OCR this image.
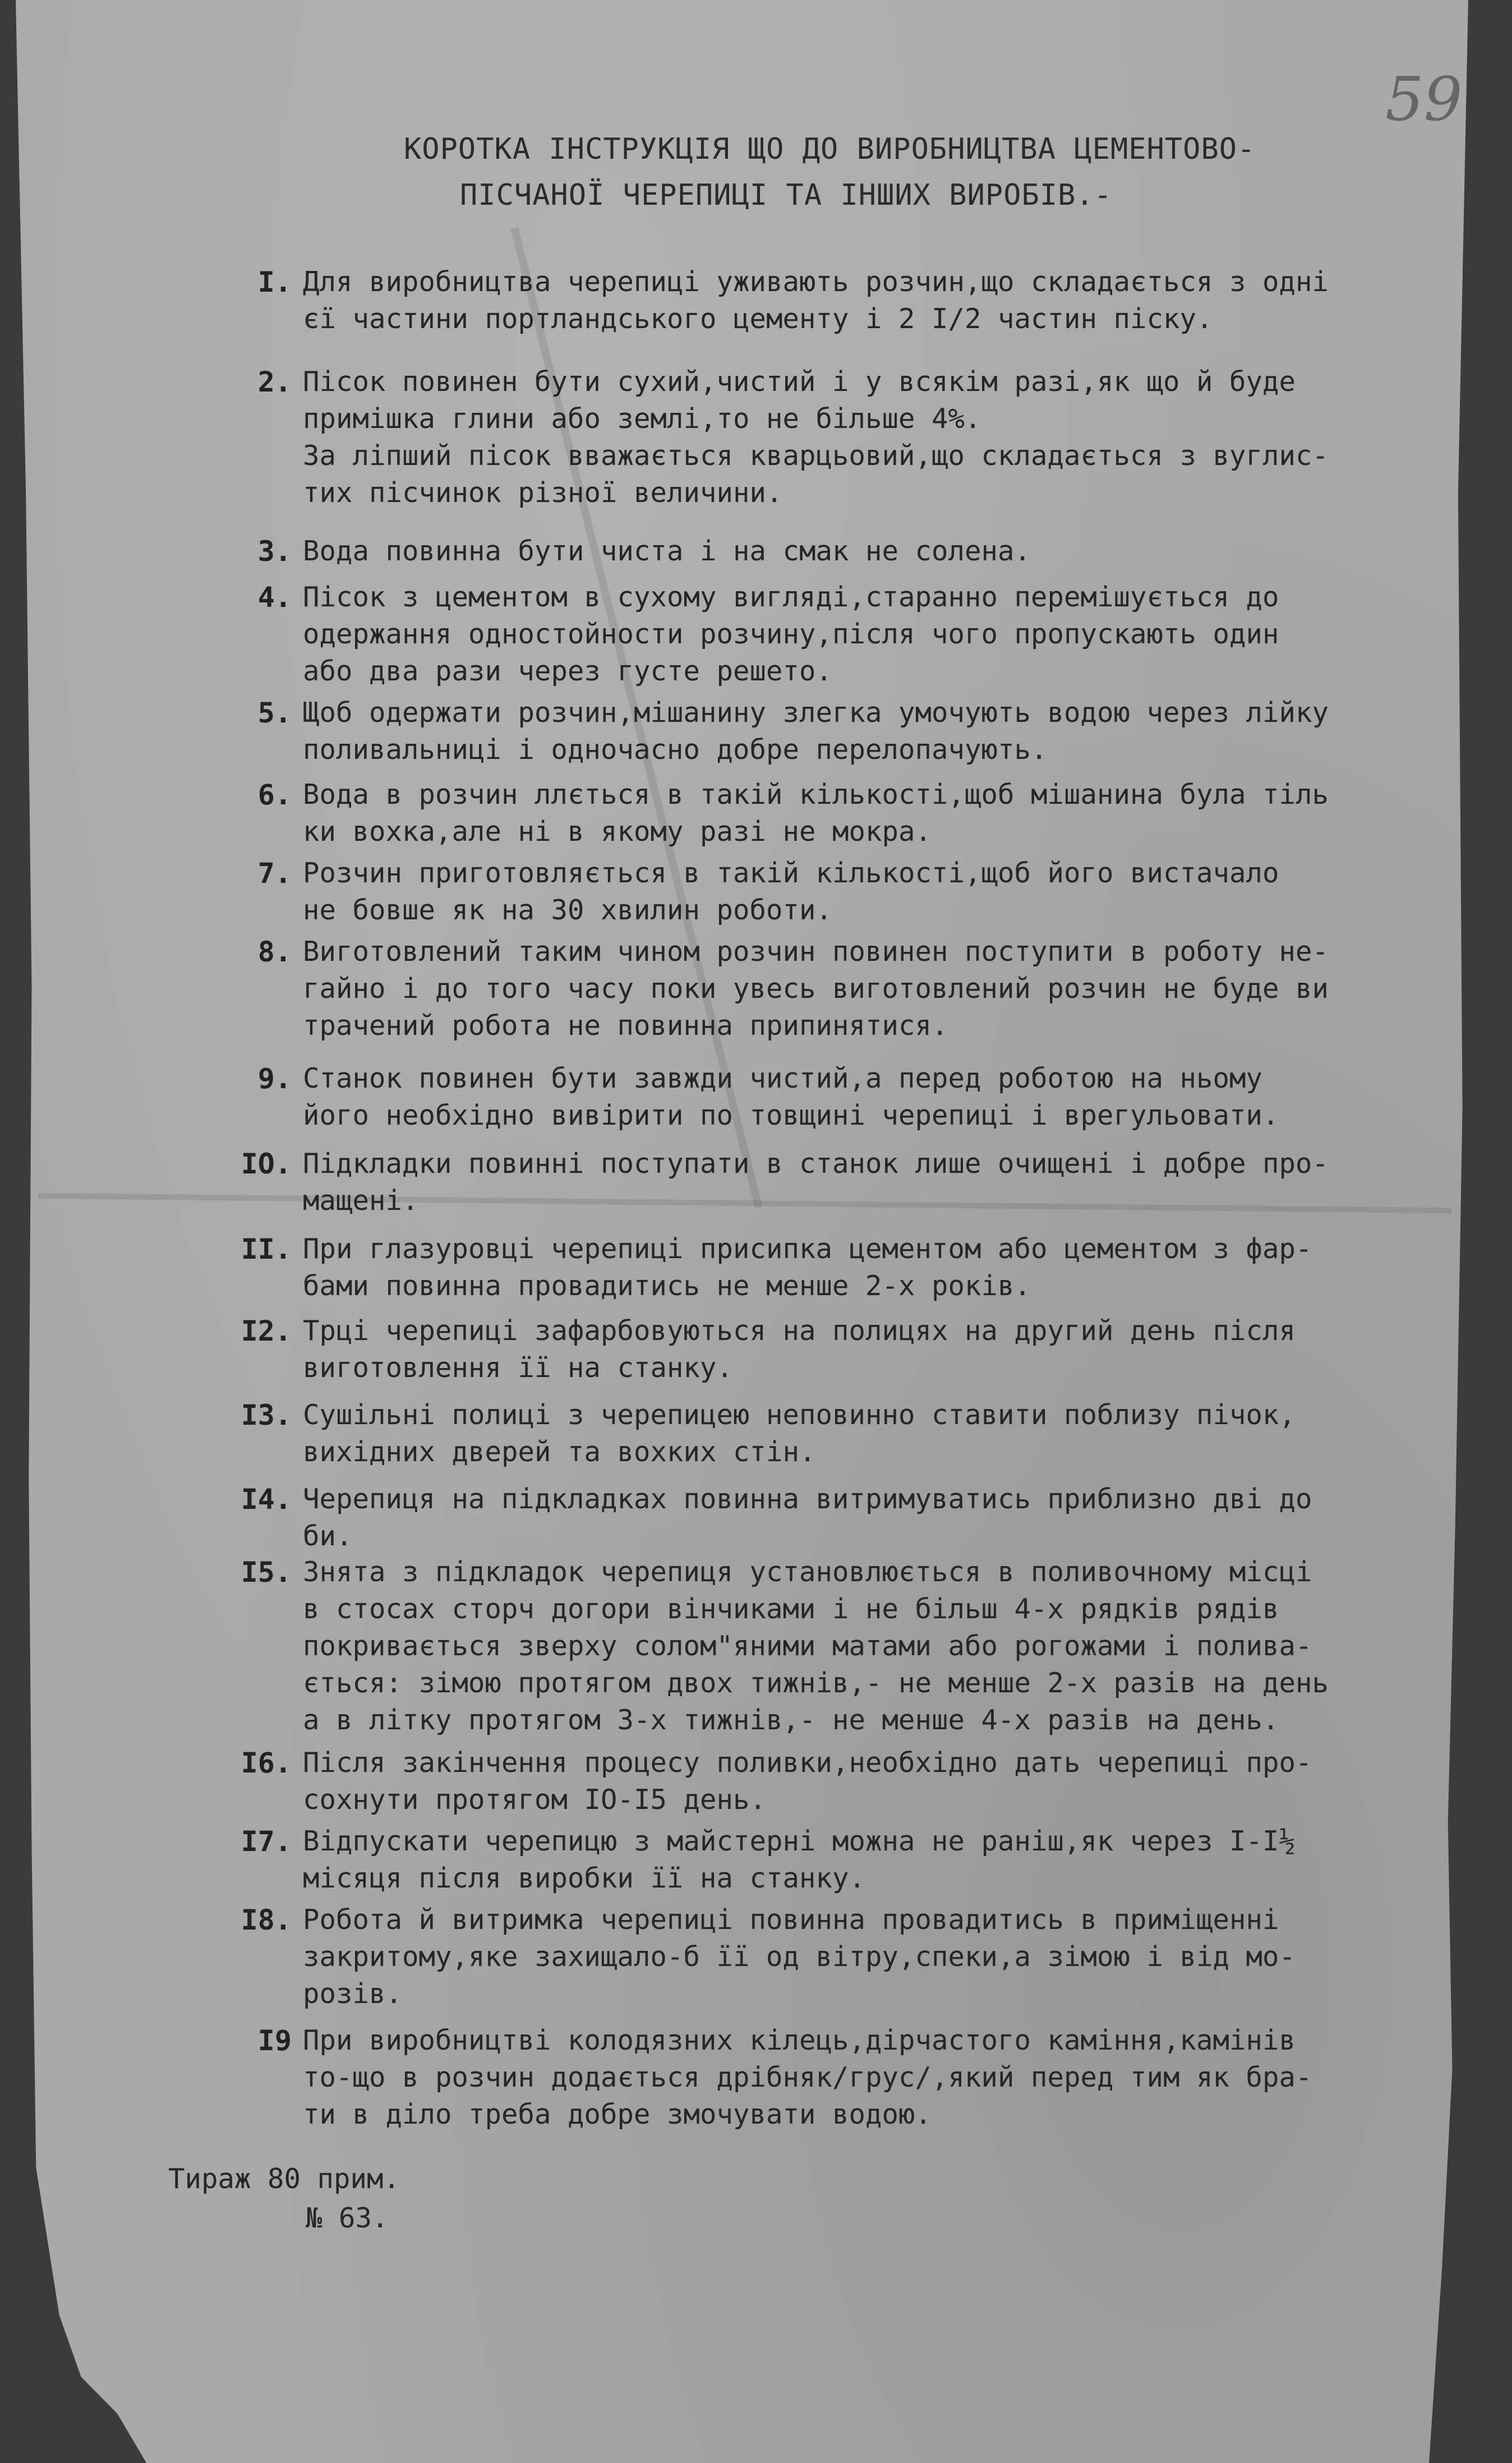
59
КОРОТКА ІНСТРУКЦІЯ ЩО ДО ВИРОБНИЦТВА ЦЕМЕНТОВО-
ПІСЧАНОЇ ЧЕРЕПИЦІ ТА ІНШИХ ВИРОБІВ.-
I. Для виробництва черепиці уживають розчин,що складається з одні
єї частини портландського цементу і 2 I/2 частин піску.
2. Пісок повинен бути сухий,чистий і у всякім разі,як що й буде
примішка глини або землі,то не більше 4%.
За ліпший пісок вважається кварцьовий,що складається з вуглис-
тих пісчинок різної величини.
3. Вода повинна бути чиста і на смак не солена.
4. Пісок з цементом в сухому вигляді,старанно перемішується до
одержання одностойности розчину,після чого пропускають один
або два рази через густе решето.
5. Щоб одержати розчин,мішанину злегка умочують водою через лійку поливальниці і одночасно добре перелопачують.
6. Вода в розчин ллється в такій кількості,щоб мішанина була тіль
ки вохка,але ні в якому разі не мокра.
7. Розчин приготовляється в такій кількості,щоб його вистачало
не бовше як на 30 хвилин роботи.
8. Виготовлений таким чином розчин повинен поступити в роботу не-
гайно і до того часу поки увесь виготовлений розчин не буде ви
трачений робота не повинна припинятися.
9. Станок повинен бути завжди чистий,а перед роботою на ньому
його необхідно вивірити по товщині черепиці і врегульовати.
IO. Підкладки повинні поступати в станок лише очищені і добре про-
мащені.
II. При глазуровці черепиці присипка цементом або цементом з фар-
бами повинна провадитись не менше 2-х років.
I2. Трці черепиці зафарбовуються на полицях на другий день після
виготовлення її на станку.
I3. Сушільні полиці з черепицею неповинно ставити поблизу пічок,
вихідних дверей та вохких стін.
I4. Черепиця на підкладках повинна витримуватись приблизно дві до
би.
I5. Знята з підкладок черепиця установлюється в поливочному місці
в стосах сторч догори вінчиками і не більш 4-х рядків рядів
покривається зверху солом"яними матами або рогожами і полива-
ється: зімою протягом двох тижнів,- не менше 2-х разів на день
а в літку протягом 3-х тижнів,- не менше 4-х разів на день.
I6. Після закінчення процесу поливки,необхідно дать черепиці про-
сохнути протягом IO-I5 день.
I7. Відпускати черепицю з майстерні можна не раніш,як через I-I½
місяця після виробки її на станку.
I8. Робота й витримка черепиці повинна провадитись в приміщенні
закритому,яке захищало-б її од вітру,спеки,а зімою і від мо-
розів.
I9 При виробництві колодязних кілець,дірчастого каміння,камінів
то-що в розчин додається дрібняк/грус/,який перед тим як бра-
ти в діло треба добре змочувати водою.
Тираж 80 прим.
№ 63.
